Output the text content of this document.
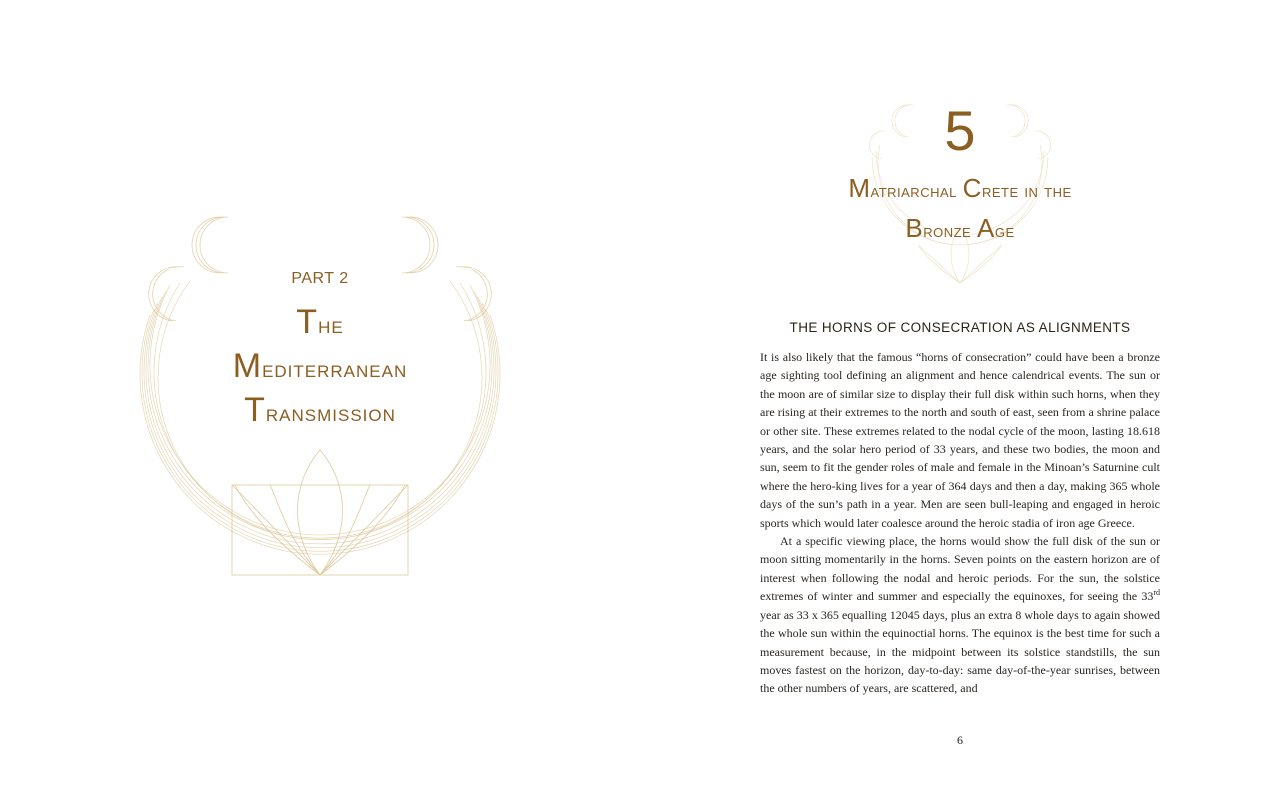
PART 2
The
Mediterranean
Transmission
5
Matriarchal Crete in the
Bronze Age
THE HORNS OF CONSECRATION AS ALIGNMENTS

It is also likely that the famous “horns of consecration” could have been a bronze age sighting tool defining an alignment and hence calendrical events. The sun or the moon are of similar size to display their full disk within such horns, when they are rising at their extremes to the north and south of east, seen from a shrine palace or other site. These extremes related to the nodal cycle of the moon, lasting 18.618 years, and the solar hero period of 33 years, and these two bodies, the moon and sun, seem to fit the gender roles of male and female in the Minoan’s Saturnine cult where the hero-king lives for a year of 364 days and then a day, making 365 whole days of the sun’s path in a year. Men are seen bull-leaping and engaged in heroic sports which would later coalesce around the heroic stadia of iron age Greece.

At a specific viewing place, the horns would show the full disk of the sun or moon sitting momentarily in the horns. Seven points on the eastern horizon are of interest when following the nodal and heroic periods. For the sun, the solstice extremes of winter and summer and especially the equinoxes, for seeing the 33rd year as 33 x 365 equalling 12045 days, plus an extra 8 whole days to again showed the whole sun within the equinoctial horns. The equinox is the best time for such a measurement because, in the midpoint between its solstice standstills, the sun moves fastest on the horizon, day-to-day: same day-of-the-year sunrises, between the other numbers of years, are scattered, and

6
